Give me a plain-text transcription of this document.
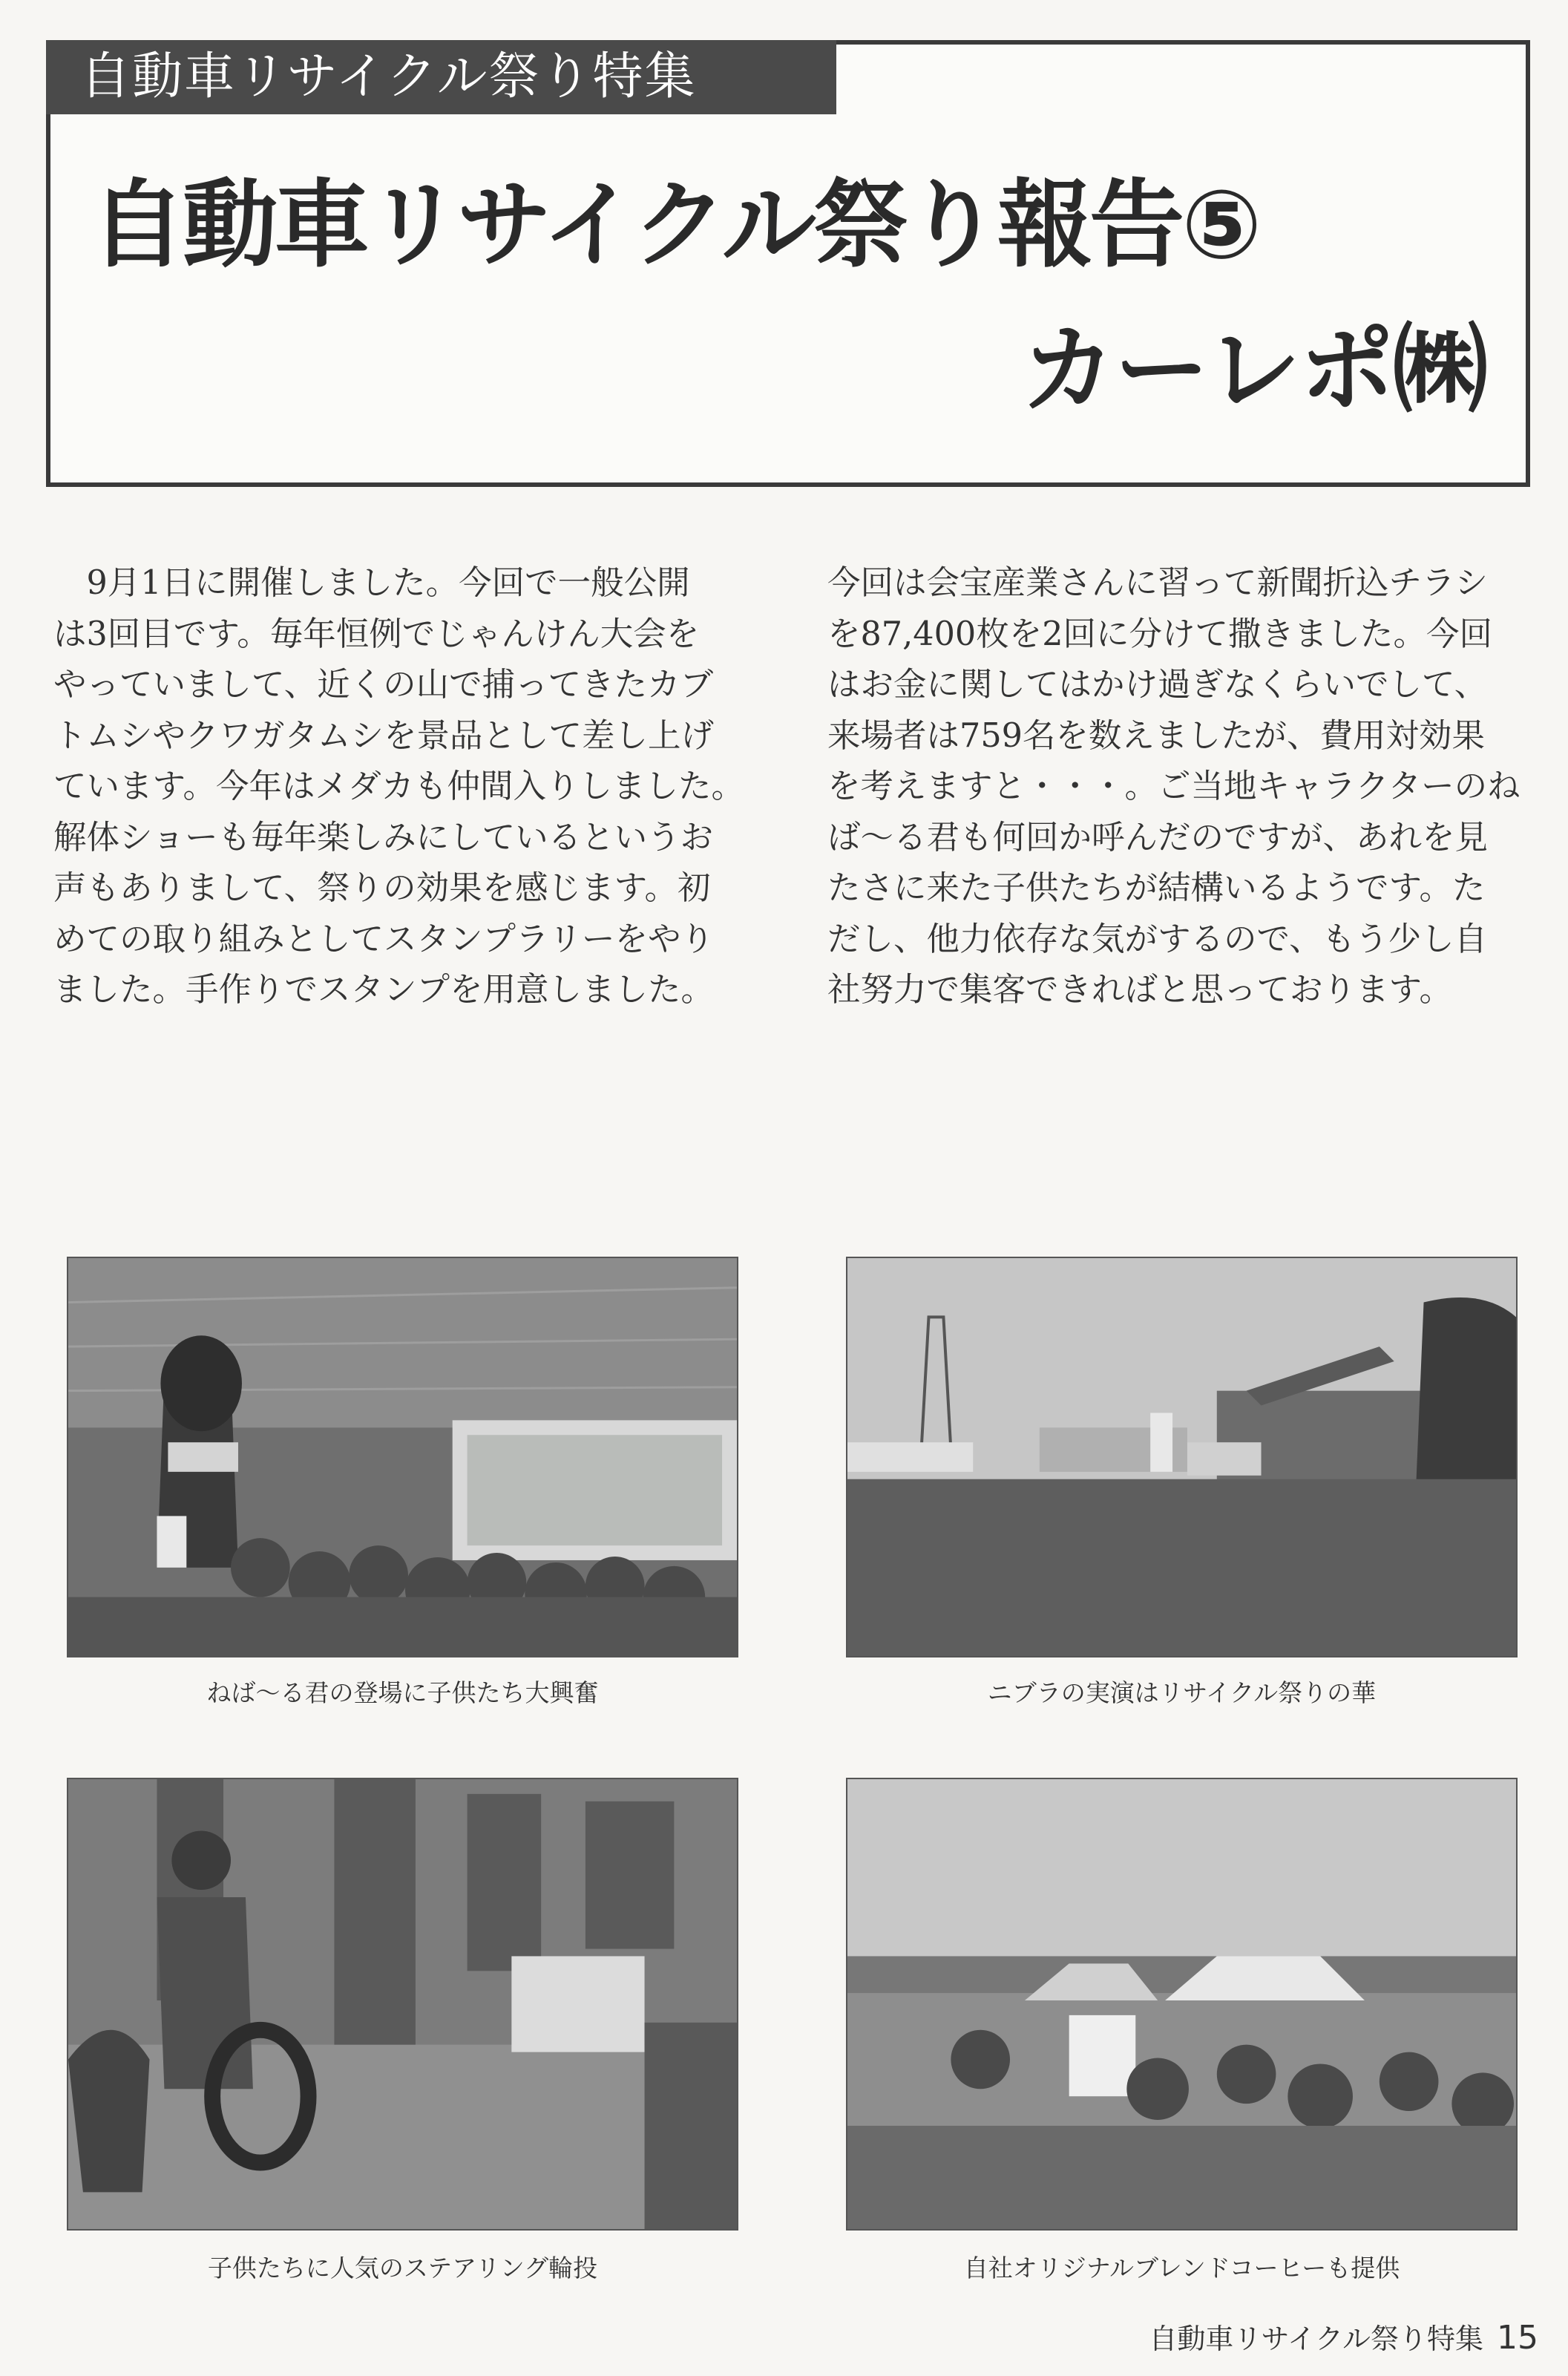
自動車リサイクル祭り特集
自動車リサイクル祭り報告⑤
カーレポ㈱

　9月1日に開催しました。今回で一般公開
は3回目です。毎年恒例でじゃんけん大会を
やっていまして、近くの山で捕ってきたカブ
トムシやクワガタムシを景品として差し上げ
ています。今年はメダカも仲間入りしました。
解体ショーも毎年楽しみにしているというお
声もありまして、祭りの効果を感じます。初
めての取り組みとしてスタンプラリーをやり
ました。手作りでスタンプを用意しました。

今回は会宝産業さんに習って新聞折込チラシ
を87,400枚を2回に分けて撒きました。今回
はお金に関してはかけ過ぎなくらいでして、
来場者は759名を数えましたが、費用対効果
を考えますと・・・。ご当地キャラクターのね
ば～る君も何回か呼んだのですが、あれを見
たさに来た子供たちが結構いるようです。た
だし、他力依存な気がするので、もう少し自
社努力で集客できればと思っております。

ねば～る君の登場に子供たち大興奮	ニブラの実演はリサイクル祭りの華
子供たちに人気のステアリング輪投	自社オリジナルブレンドコーヒーも提供
自動車リサイクル祭り特集 15
